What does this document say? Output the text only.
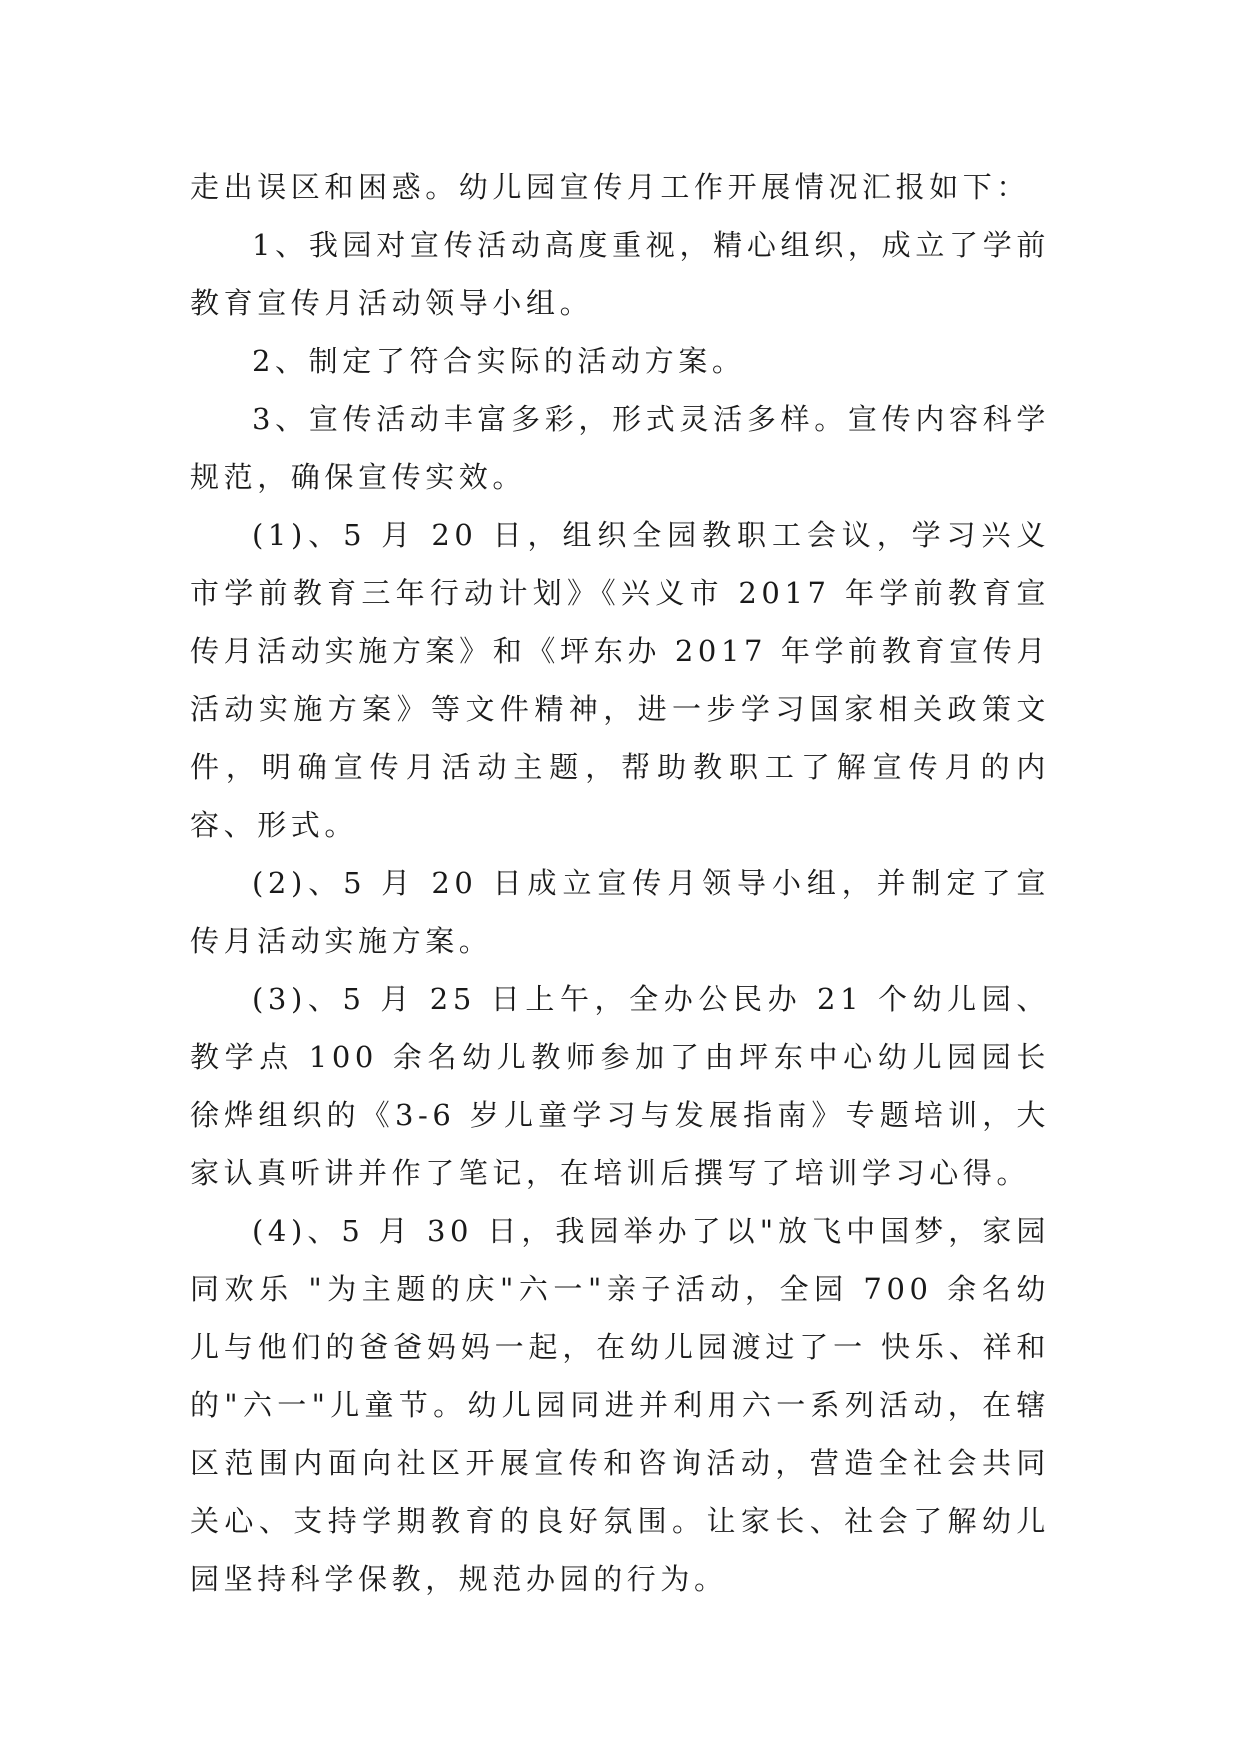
走出误区和困惑。幼儿园宣传月工作开展情况汇报如下：

1、我园对宣传活动高度重视，精心组织，成立了学前教育宣传月活动领导小组。

2、制定了符合实际的活动方案。

3、宣传活动丰富多彩，形式灵活多样。宣传内容科学规范，确保宣传实效。

(1)、5 月 20 日，组织全园教职工会议，学习兴义市学前教育三年行动计划》《兴义市 2017 年学前教育宣传月活动实施方案》和《坪东办 2017 年学前教育宣传月活动实施方案》等文件精神，进一步学习国家相关政策文件，明确宣传月活动主题，帮助教职工了解宣传月的内容、形式。

(2)、5 月 20 日成立宣传月领导小组，并制定了宣传月活动实施方案。

(3)、5 月 25 日上午，全办公民办 21 个幼儿园、教学点 100 余名幼儿教师参加了由坪东中心幼儿园园长徐烨组织的《3-6 岁儿童学习与发展指南》专题培训，大家认真听讲并作了笔记，在培训后撰写了培训学习心得。

(4)、5 月 30 日，我园举办了以"放飞中国梦，家园同欢乐 "为主题的庆"六一"亲子活动，全园 700 余名幼儿与他们的爸爸妈妈一起，在幼儿园渡过了一 快乐、祥和的"六一"儿童节。幼儿园同进并利用六一系列活动，在辖区范围内面向社区开展宣传和咨询活动，营造全社会共同关心、支持学期教育的良好氛围。让家长、社会了解幼儿园坚持科学保教，规范办园的行为。
